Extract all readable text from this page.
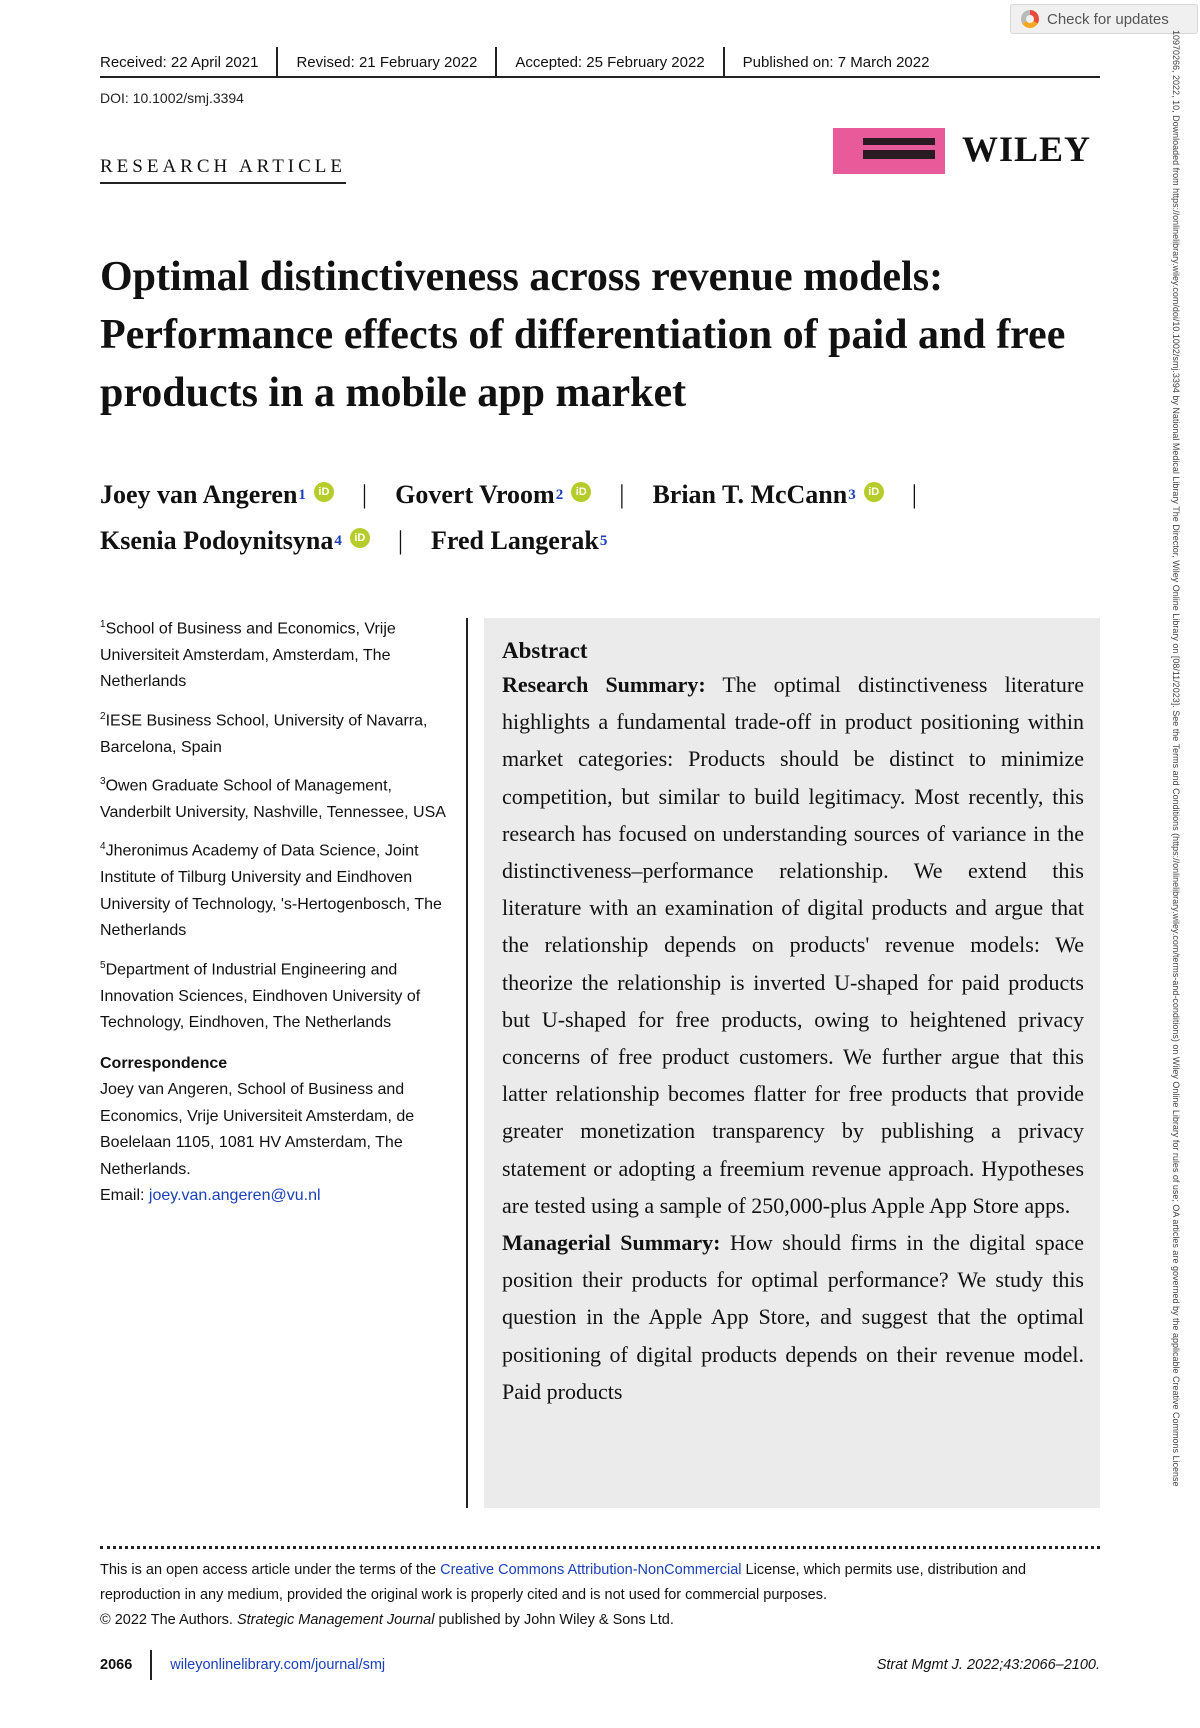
Check for updates
10970266, 2022, 10, Downloaded from https://onlinelibrary.wiley.com/doi/10.1002/smj.3394 by National Medical Library The Director, Wiley Online Library on [08/11/2023]. See the Terms and Conditions (https://onlinelibrary.wiley.com/terms-and-conditions) on Wiley Online Library for rules of use; OA articles are governed by the applicable Creative Commons License
Received: 22 April 2021	Revised: 21 February 2022	Accepted: 25 February 2022	Published on: 7 March 2022
DOI: 10.1002/smj.3394
RESEARCH ARTICLE	WILEY
Optimal distinctiveness across revenue models: Performance effects of differentiation of paid and free products in a mobile app market
Joey van Angeren 1	iD | Govert Vroom 2	iD | Brian T. McCann 3	iD |

Ksenia Podoynitsyna 4	iD | Fred Langerak 5

$^1$School of Business and Economics, Vrije Universiteit Amsterdam, Amsterdam, The Netherlands

$^2$IESE Business School, University of Navarra, Barcelona, Spain

$^3$Owen Graduate School of Management, Vanderbilt University, Nashville, Tennessee, USA

$^4$Jheronimus Academy of Data Science, Joint Institute of Tilburg University and Eindhoven University of Technology, 's-Hertogenbosch, The Netherlands

$^5$Department of Industrial Engineering and Innovation Sciences, Eindhoven University of Technology, Eindhoven, The Netherlands

Correspondence
Joey van Angeren, School of Business and Economics, Vrije Universiteit Amsterdam, de Boelelaan 1105, 1081 HV Amsterdam, The Netherlands.
Email: joey.van.angeren@vu.nl
Abstract

Research Summary: The optimal distinctiveness literature highlights a fundamental trade-off in product positioning within market categories: Products should be distinct to minimize competition, but similar to build legitimacy. Most recently, this research has focused on understanding sources of variance in the distinctiveness–performance relationship. We extend this literature with an examination of digital products and argue that the relationship depends on products' revenue models: We theorize the relationship is inverted U-shaped for paid products but U-shaped for free products, owing to heightened privacy concerns of free product customers. We further argue that this latter relationship becomes flatter for free products that provide greater monetization transparency by publishing a privacy statement or adopting a freemium revenue approach. Hypotheses are tested using a sample of 250,000-plus Apple App Store apps.

Managerial Summary: How should firms in the digital space position their products for optimal performance? We study this question in the Apple App Store, and suggest that the optimal positioning of digital products depends on their revenue model. Paid products

This is an open access article under the terms of the Creative Commons Attribution-NonCommercial License, which permits use, distribution and reproduction in any medium, provided the original work is properly cited and is not used for commercial purposes.
© 2022 The Authors. Strategic Management Journal published by John Wiley & Sons Ltd.
2066	wileyonlinelibrary.com/journal/smj	Strat Mgmt J. 2022;43:2066–2100.
